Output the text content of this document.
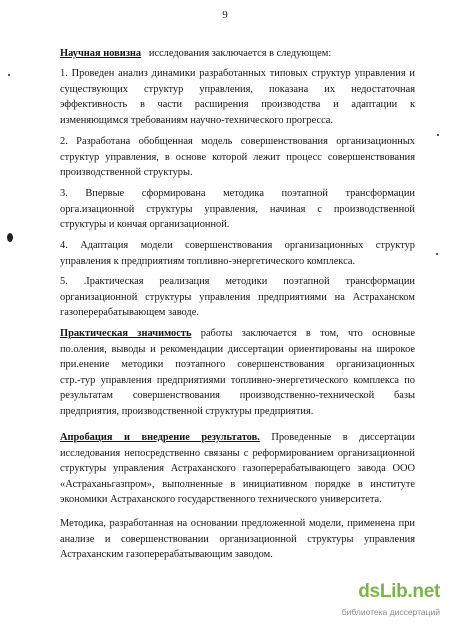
9
Научная новизна исследования заключается в следующем:
1. Проведен анализ динамики разработанных типовых структур управления и
существующих структур управления, показана их недостаточная
эффективность в части расширения производства и адаптации к
изменяющимся требованиям научно-технического прогресса.
2. Разработана обобщенная модель совершенствования организационных
структур управления, в основе которой лежит процесс совершенствования
производственной структуры.
3. Впервые сформирована методика поэтапной трансформации
орга.изационной структуры управления, начиная с производственной
структуры и кончая организационной.
4. Адаптация модели совершенствования организационных структур
управления к предприятиям топливно-энергетического комплекса.
5. .Iрактическая реализация методики поэтапной трансформации
организационной структуры управления предприятиями на Астраханском
газоперерабатывающем заводе.
Практическая значимость работы заключается в том, что основные
по.оления, выводы и рекомендации диссертации ориентированы на широкое
при.енение методики поэтапного совершенствования организационных
стр.-тур управления предприятиями топливно-энергетического комплекса по
результатам совершенствования производственно-технической базы
предприятия, производственной структуры предприятия.
Апробация и внедрение результатов. Проведенные в диссертации
исследования непосредственно связаны с реформированием организационной
структуры управления Астраханского газоперерабатывающего завода ООО
«Астраханьгазпром», выполненные в инициативном порядке в институте
экономики Астраханского государственного технического университета.
Методика, разработанная на основании предложенной модели, применена при
анализе и совершенствовании организационной структуры управления
Астраханским газоперерабатывающим заводом.
dsLib.net
библиотека диссертаций
